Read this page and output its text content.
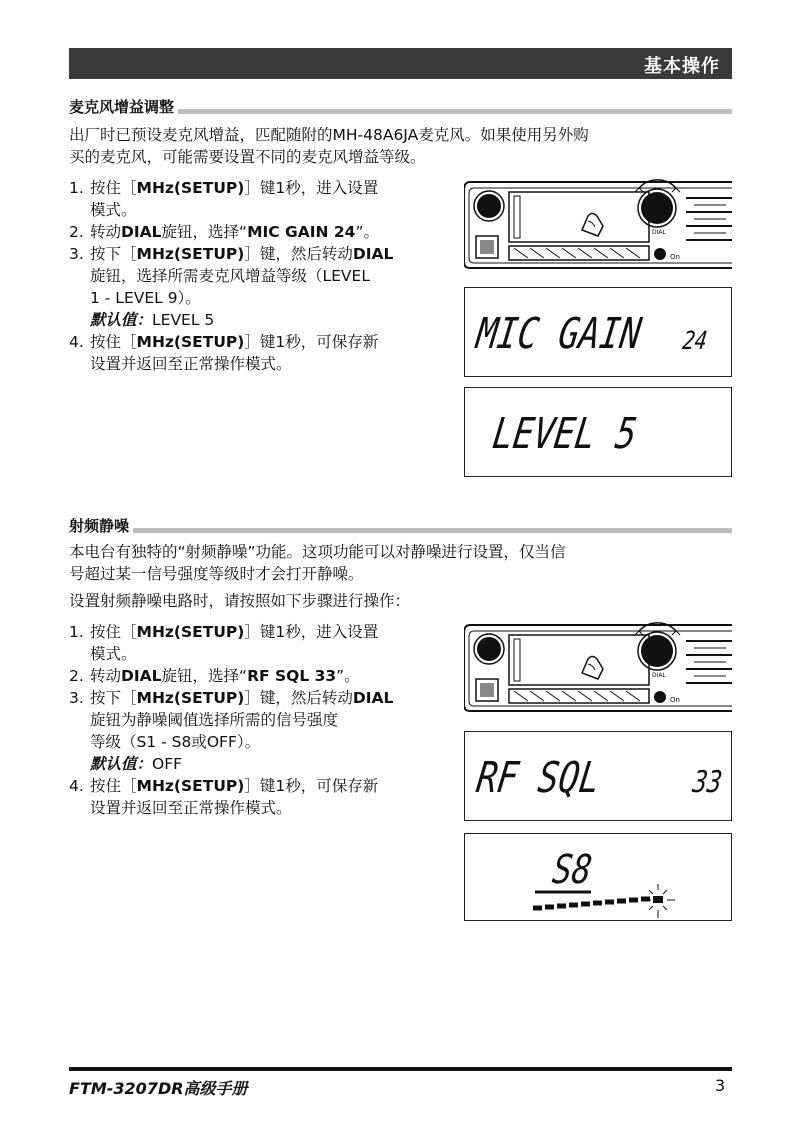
基本操作
麦克风增益调整
出厂时已预设麦克风增益，匹配随附的MH-48A6JA麦克风。如果使用另外购
买的麦克风，可能需要设置不同的麦克风增益等级。
1. 按住［MHz(SETUP)］键1秒，进入设置
模式。
2. 转动DIAL旋钮，选择“MIC GAIN 24”。
3. 按下［MHz(SETUP)］键，然后转动DIAL
旋钮，选择所需麦克风增益等级（LEVEL
1 - LEVEL 9）。
默认值：LEVEL 5
4. 按住［MHz(SETUP)］键1秒，可保存新
设置并返回至正常操作模式。
DIAL
On
MIC GAIN 24
LEVEL 5
射频静噪
本电台有独特的“射频静噪”功能。这项功能可以对静噪进行设置，仅当信
号超过某一信号强度等级时才会打开静噪。
设置射频静噪电路时，请按照如下步骤进行操作：
1. 按住［MHz(SETUP)］键1秒，进入设置
模式。
2. 转动DIAL旋钮，选择“RF SQL 33”。
3. 按下［MHz(SETUP)］键，然后转动DIAL
旋钮为静噪阈值选择所需的信号强度
等级（S1 - S8或OFF）。
默认值：OFF
4. 按住［MHz(SETUP)］键1秒，可保存新
设置并返回至正常操作模式。
DIAL
On
RF SQL	33
S8
FTM-3207DR高级手册	3
